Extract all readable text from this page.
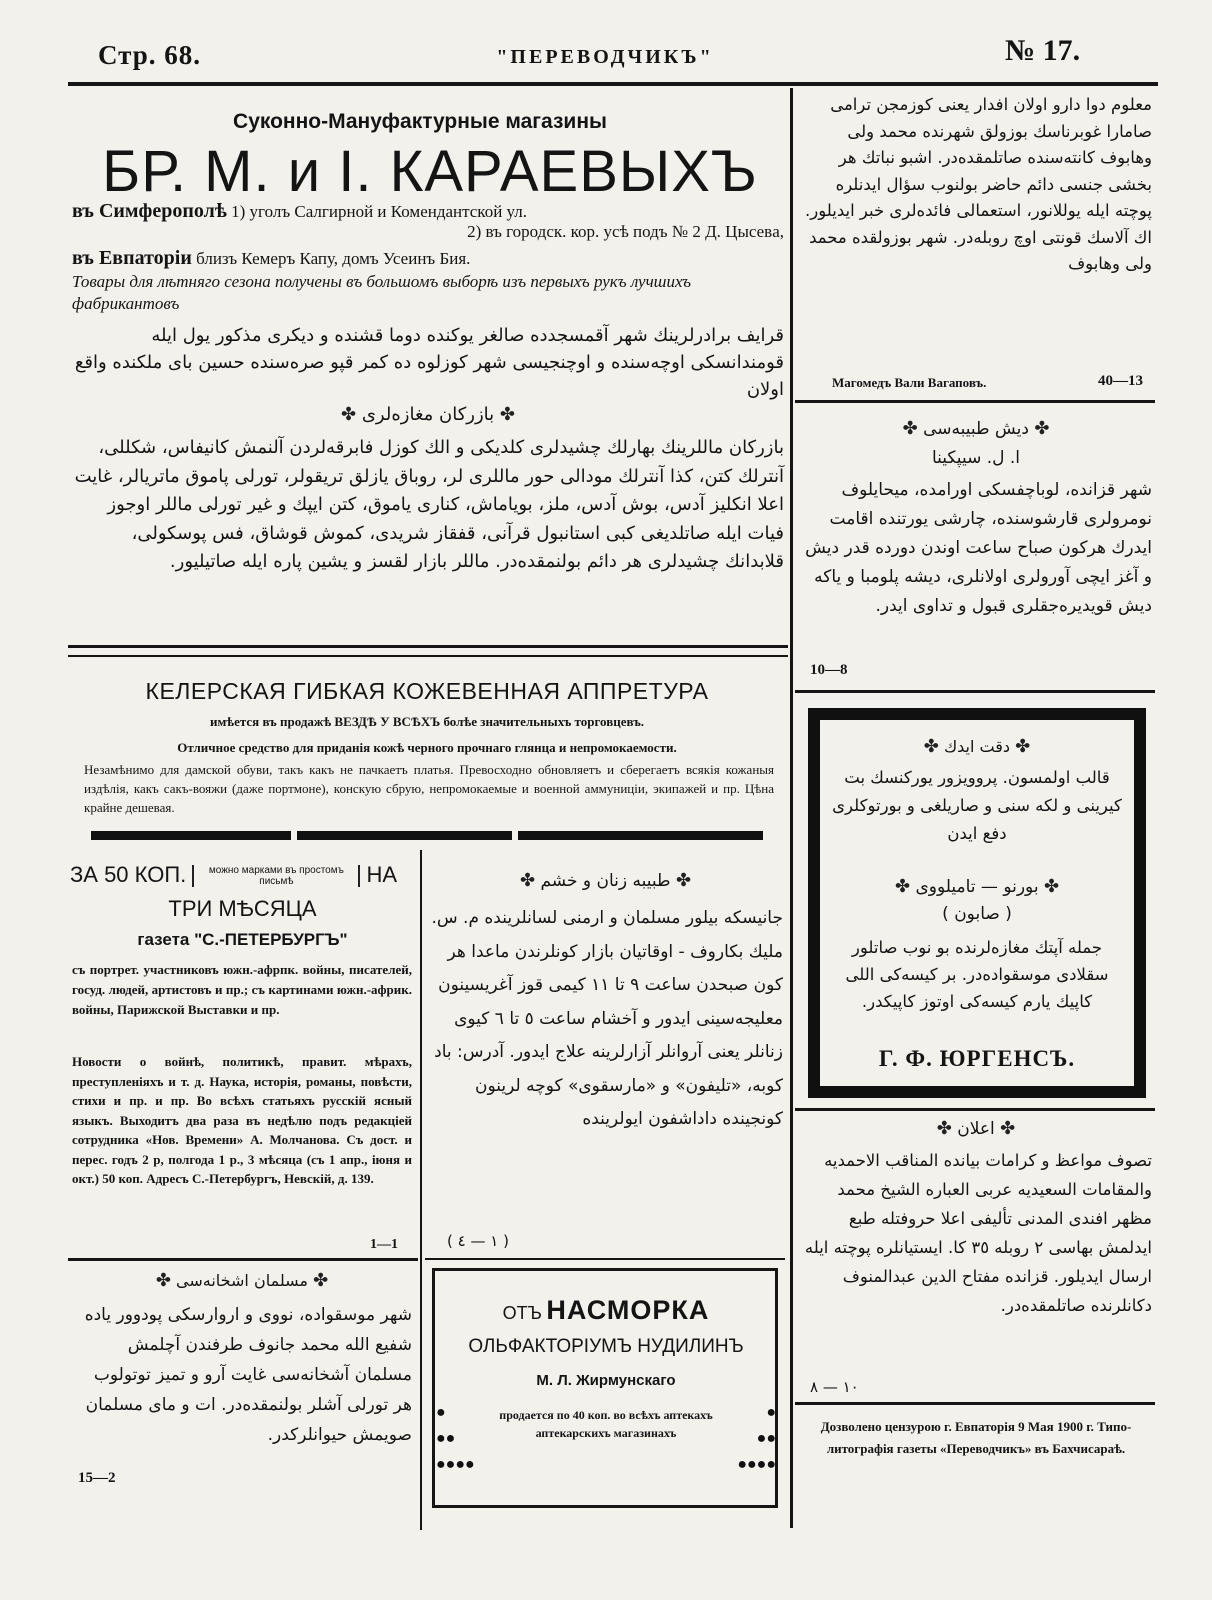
Стр. 68.	"ПЕРЕВОДЧИКЪ"	№ 17.
Суконно-Мануфактурные магазины
БР. М. и I. КАРАЕВЫХЪ
въ Симферополѣ 1) уголъ Салгирной и Комендантской ул.
2) въ городск. кор. усѣ подъ № 2 Д. Цысевa,
въ Евпаторіи близъ Кемеръ Капу, домъ Усеинъ Бия.
Товары для лѣтняго сезона получены въ большомъ выборѣ изъ первыхъ рукъ лучшихъ фабрикантовъ
قرايف برادرلرينك شهر آقمسجدده صالغر يوكنده دوما قشنده و ديكرى مذكور يول ايله قومندانسكى اوچه‌سنده و اوچنجيسى شهر كوزلوه ده كمر قپو صره‌سنده حسين باى ملكنده واقع اولان
✤ بازركان مغازه‌لرى ✤
بازركان ماللرينك بهارلك چشيدلرى كلديكى و الك كوزل فابرقه‌لردن آلنمش كانيفاس، شكللى، آنترلك كتن، كذا آنترلك مودالى حور ماللرى لر، روباق يازلق تريقولر، تورلى پاموق ماتريالر، غايت اعلا انكليز آدس، بوش آدس، ملز، بوياماش، كنارى ياموق، كتن ايپك و غير تورلى ماللر اوجوز فيات ايله صاتلديغى كبى استانبول قرآنى، قفقاز شريدى، كموش قوشاق، فس پوسكولى، قلابدانك چشيدلرى هر دائم بولنمقده‌در. ماللر بازار لقسز و يشين پاره ايله صاتيليور.
КЕЛЕРСКАЯ ГИБКАЯ КОЖЕВЕННАЯ АППРЕТУРА
имѣется въ продажѣ ВЕЗДѢ У ВСѢХЪ болѣе значительныхъ торговцевъ.
Отличное средство для приданія кожѣ черного прочнаго глянца и непромокаемости.
Незамѣнимо для дамской обуви, такъ какъ не пачкаетъ платья. Превосходно обновляетъ и сберегаетъ всякія кожаныя издѣлія, какъ сакъ-вояжи (даже портмоне), конскую сбрую, непромокаемые и военной аммуниціи, экипажей и пр. Цѣна крайне дешевая.
ЗА 50 КОП. можно марками въ простомъ письмѣ	НА
ТРИ МѢСЯЦА
газета "С.-ПЕТЕРБУРГЪ"
съ портрет. участниковъ южн.-афрпк. войны, писателей, госуд. людей, артистовъ и пр.; съ картинами южн.-африк. войны, Парижской Выставки и пр.
Новости о войнѣ, политикѣ, правит. мѣрахъ, преступленіяхъ и т. д. Наука, исторія, романы, повѣсти, стихи и пр. и пр. Во всѣхъ статьяхъ русскій ясный языкъ. Выходитъ два раза въ недѣлю подъ редакціей сотрудника «Нов. Времени» А. Молчанова. Съ дост. и перес. годъ 2 р, полгода 1 р., 3 мѣсяца (съ 1 апр., іюня и окт.) 50 коп. Адресъ С.-Петербургъ, Невскій, д. 139.
1—1
✤ مسلمان اشخانه‌سى ✤
شهر موسقواده، نووى و اروارسكى پودوور ياده شفيع الله محمد جانوف طرفندن آچلمش مسلمان آشخانه‌سى غايت آرو و تميز توتولوب هر تورلى آشلر بولنمقده‌در. ات و ماى مسلمان صويمش حيوانلركدر.
15—2
✤ طبيبه زنان و خشم ✤
جانيسكه بيلور مسلمان و ارمنى لسانلرينده م. س. مليك بكاروف - اوقاتيان بازار كونلرندن ماعدا هر كون صبحدن ساعت ٩ تا ١١ كيمى قوز آغريسينون معليجه‌سينى ايدور و آخشام ساعت ٥ تا ٦ كيوى زنانلر يعنى آروانلر آزارلرينه علاج ايدور. آدرس: باد كوبه، «تليفون» و «مارسقوى» كوچه لرينون كونجينده داداشفون ايولرينده
( ١ — ٤ )
●
●●
●●●●
●
●●
●●●●
ОТЪ НАСМОРКА
ОЛЬФАКТОРІУМЪ НУДИЛИНЪ
М. Л. Жирмунскаго
продается по 40 коп. во всѣхъ аптекахъ аптекарскихъ магазинахъ
معلوم دوا دارو اولان افدار يعنى كوزمجن ترامى صامارا غوبرناسك بوزولق شهرنده محمد ولى وهابوف كانته‌سنده صاتلمقده‌در. اشبو نباتك هر بخشى جنسى دائم حاضر بولنوب سؤال ايدنلره پوچته ايله يوللانور، استعمالى فائده‌لرى خبر ايديلور. اك آلاسك قونتى اوچ روبله‌در. شهر بوزولقده محمد ولى وهابوف
Магомедъ Вали Вагаповъ.	40—13
✤ ديش طبيبه‌سى ✤
ا. ل. سيپكينا
شهر قزانده، لوباچفسكى اورامده، ميحايلوف نومرولرى قارشوسنده، چارشى يورتنده اقامت ايدرك هركون صباح ساعت اوندن دورده قدر ديش و آغز ايچى آورولرى اولانلرى، ديشه پلومبا و ياكه ديش قويديره‌جقلرى قبول و تداوى ايدر.
10—8
✤ دقت ايدك ✤
قالب اولمسون. پروويزور يوركنسك بت كيرينى و لكه سنى و صاريلغى و بورتوكلرى دفع ايدن
✤ بورنو — تاميلووى ✤
( صابون )
جمله آپتك مغازه‌لرنده بو نوب صاتلور سقلادى موسقواده‌در. بر كيسه‌كى اللى كاپيك يارم كيسه‌كى اوتوز كاپيكدر.
Г. Ф. ЮРГЕНСЪ.
✤ اعلان ✤
تصوف مواعظ و كرامات بيانده المناقب الاحمديه والمقامات السعيديه عربى العباره الشيخ محمد مظهر افندى المدنى تأليفى اعلا حروفتله طبع ايدلمش بهاسى ٢ روبله ٣٥ كا. ايستيانلره پوچته ايله ارسال ايديلور. قزانده مفتاح الدين عبدالمنوف دكانلرنده صاتلمقده‌در.
١٠ — ٨
Дозволено цензурою г. Евпаторія 9 Мая 1900 г. Типо-литографія газеты «Переводчикъ» въ Бахчисараѣ.
